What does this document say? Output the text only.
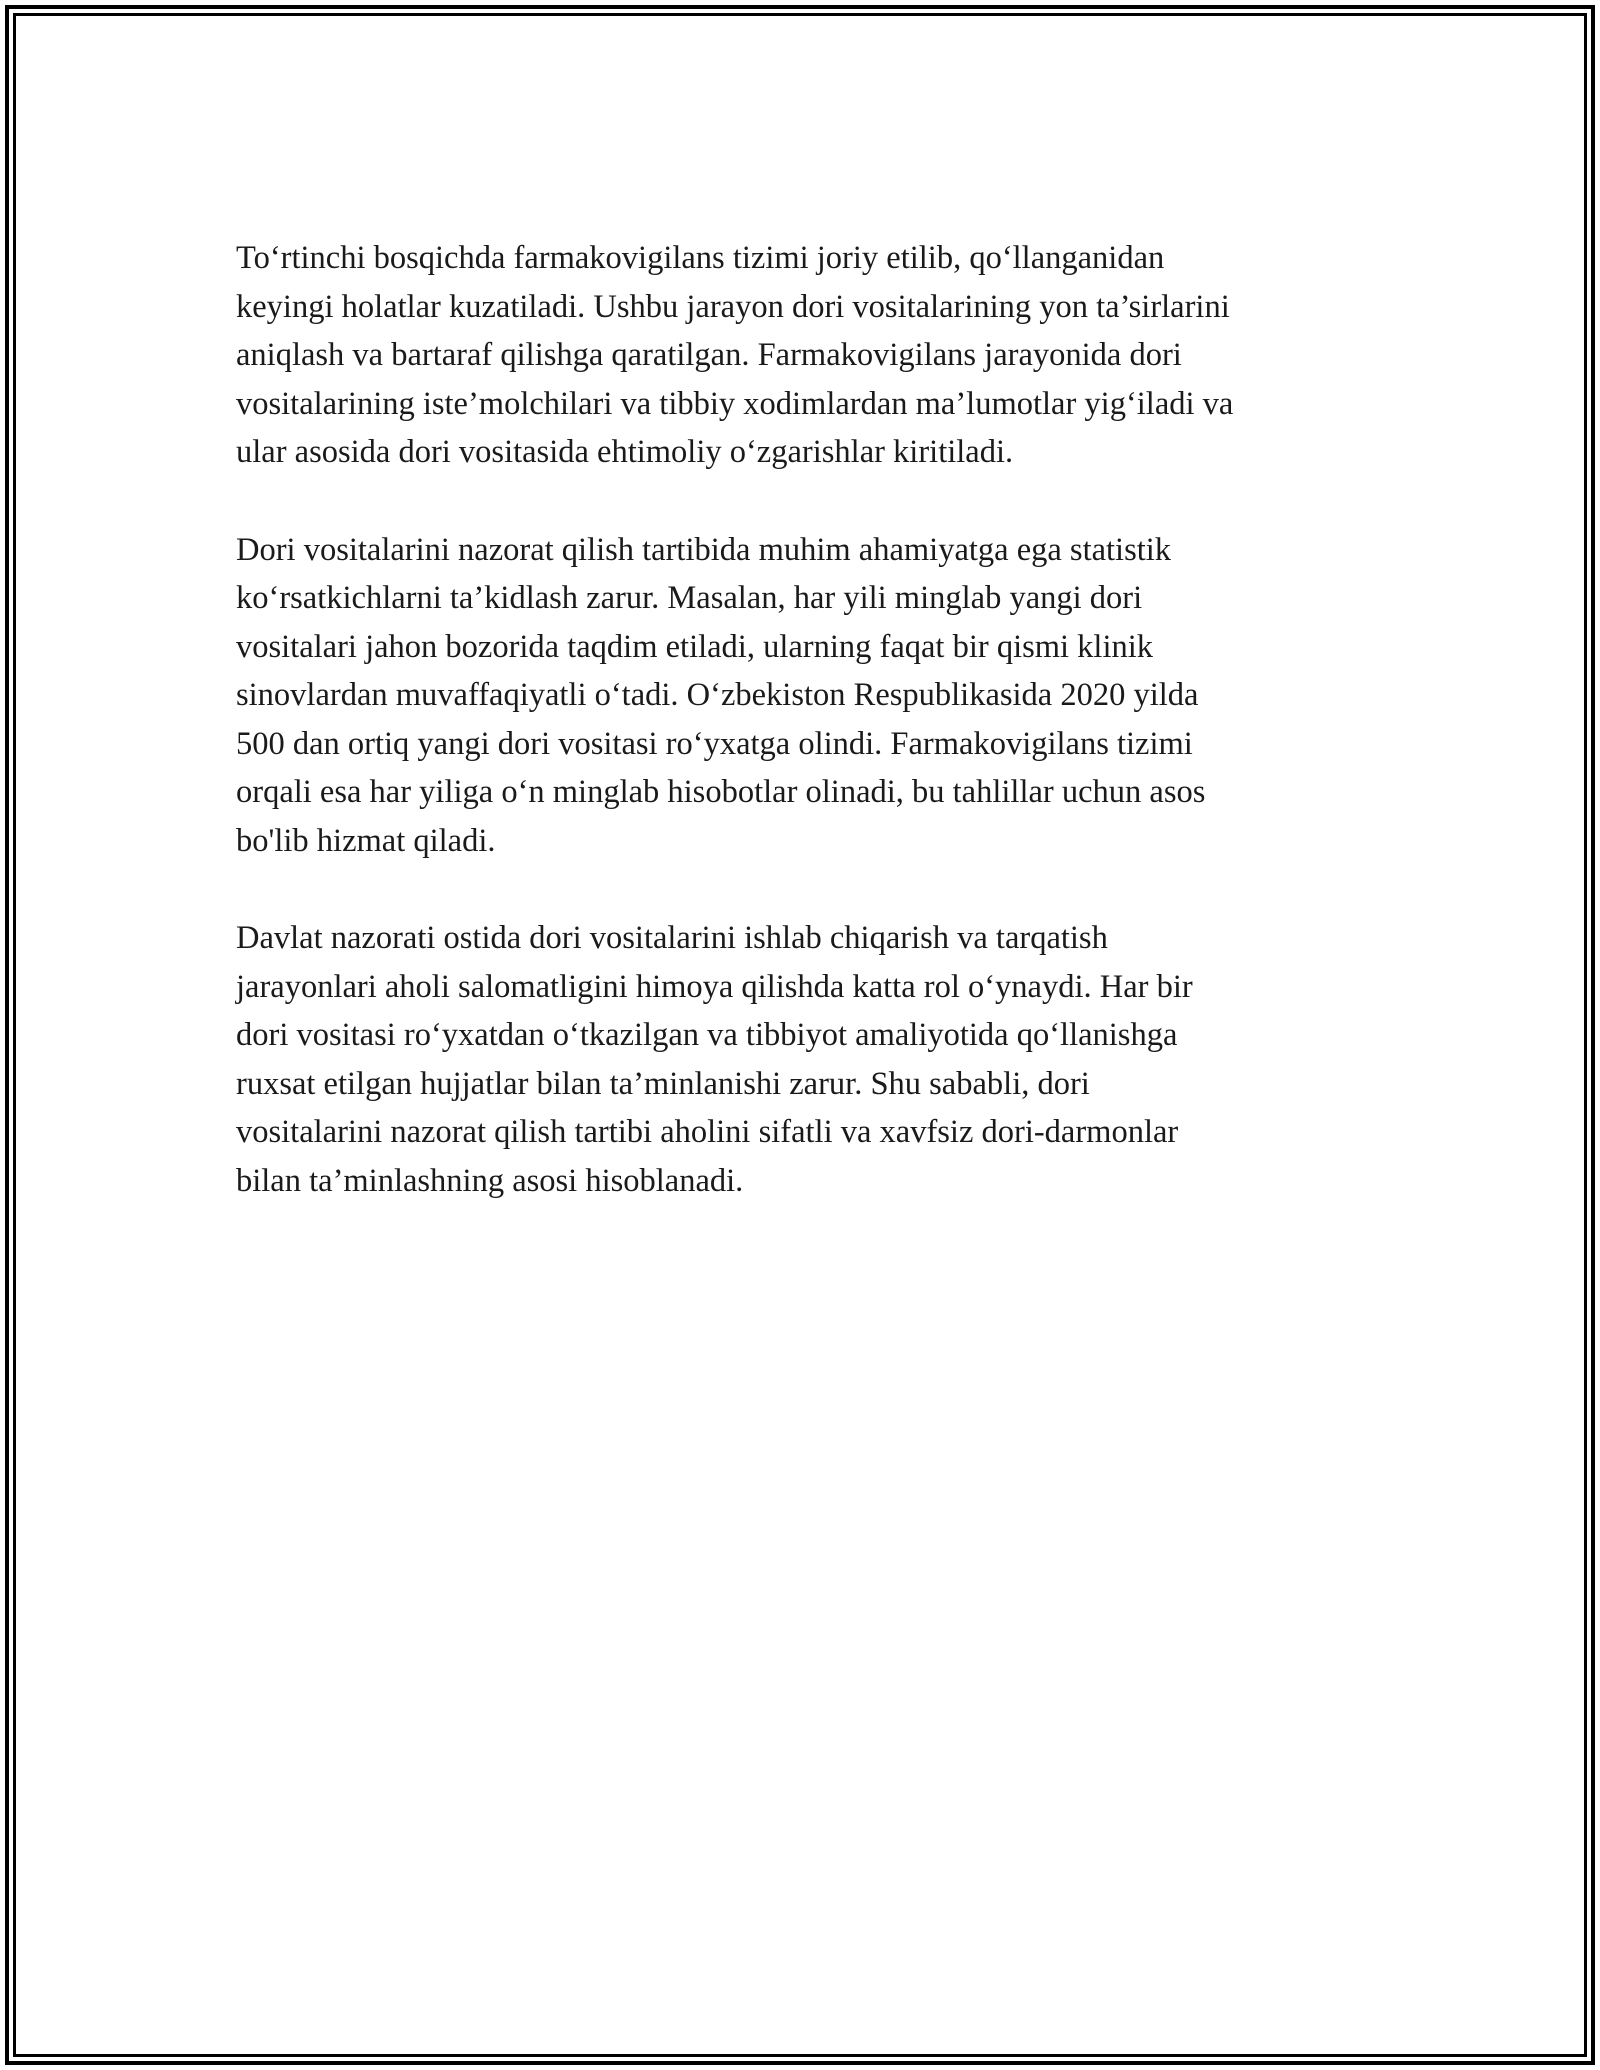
To‘rtinchi bosqichda farmakovigilans tizimi joriy etilib, qo‘llanganidan
keyingi holatlar kuzatiladi. Ushbu jarayon dori vositalarining yon ta’sirlarini
aniqlash va bartaraf qilishga qaratilgan. Farmakovigilans jarayonida dori
vositalarining iste’molchilari va tibbiy xodimlardan ma’lumotlar yig‘iladi va
ular asosida dori vositasida ehtimoliy o‘zgarishlar kiritiladi.

Dori vositalarini nazorat qilish tartibida muhim ahamiyatga ega statistik
ko‘rsatkichlarni ta’kidlash zarur. Masalan, har yili minglab yangi dori
vositalari jahon bozorida taqdim etiladi, ularning faqat bir qismi klinik
sinovlardan muvaffaqiyatli o‘tadi. O‘zbekiston Respublikasida 2020 yilda
500 dan ortiq yangi dori vositasi ro‘yxatga olindi. Farmakovigilans tizimi
orqali esa har yiliga o‘n minglab hisobotlar olinadi, bu tahlillar uchun asos
bo'lib hizmat qiladi.

Davlat nazorati ostida dori vositalarini ishlab chiqarish va tarqatish
jarayonlari aholi salomatligini himoya qilishda katta rol o‘ynaydi. Har bir
dori vositasi ro‘yxatdan o‘tkazilgan va tibbiyot amaliyotida qo‘llanishga
ruxsat etilgan hujjatlar bilan ta’minlanishi zarur. Shu sababli, dori
vositalarini nazorat qilish tartibi aholini sifatli va xavfsiz dori-darmonlar
bilan ta’minlashning asosi hisoblanadi.
